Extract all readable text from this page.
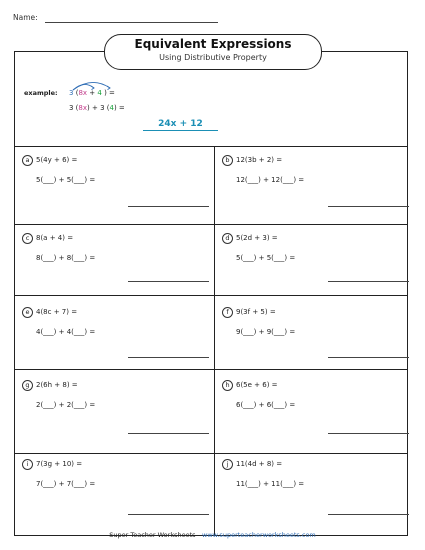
Name:
Equivalent Expressions
Using Distributive Property
example: 3 (8x + 4 ) =
3 (8x) + 3 (4) =
24x + 12
a 5(4y + 6) =
5(___) + 5(___) =
b 12(3b + 2) =
12(___) + 12(___) =
c 8(a + 4) =
8(___) + 8(___) =
d 5(2d + 3) =
5(___) + 5(___) =
e 4(8c + 7) =
4(___) + 4(___) =
f	9(3f + 5) =
9(___) + 9(___) =
g 2(6h + 8) =
2(___) + 2(___) =
h 6(5e + 6) =
6(___) + 6(___) =
i	7(3g + 10) =
7(___) + 7(___) =
j	11(4d + 8) =
11(___) + 11(___) =
Super Teacher Worksheets - www.superteacherworksheets.com
